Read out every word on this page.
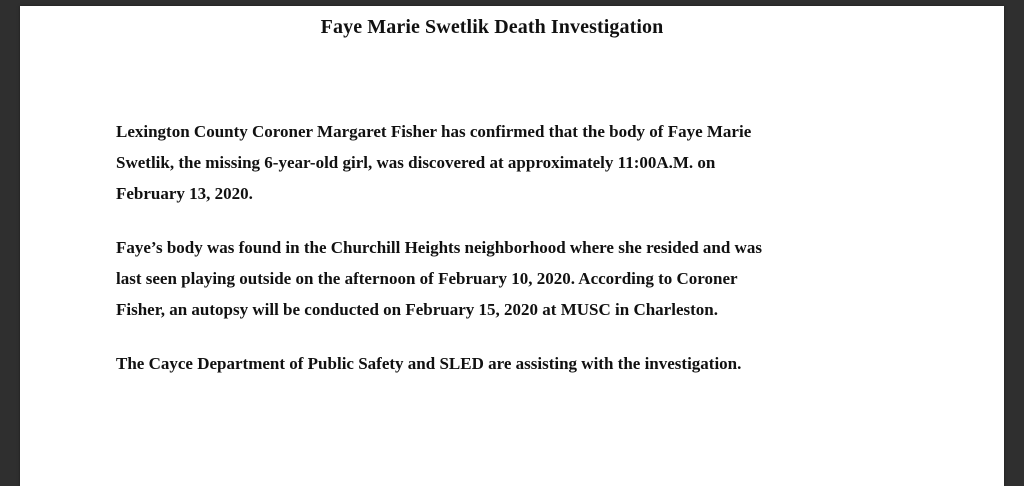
Faye Marie Swetlik Death Investigation

Lexington County Coroner Margaret Fisher has confirmed that the body of Faye Marie
Swetlik, the missing 6-year-old girl, was discovered at approximately 11:00A.M. on
February 13, 2020.

Faye’s body was found in the Churchill Heights neighborhood where she resided and was
last seen playing outside on the afternoon of February 10, 2020. According to Coroner
Fisher, an autopsy will be conducted on February 15, 2020 at MUSC in Charleston.

The Cayce Department of Public Safety and SLED are assisting with the investigation.
